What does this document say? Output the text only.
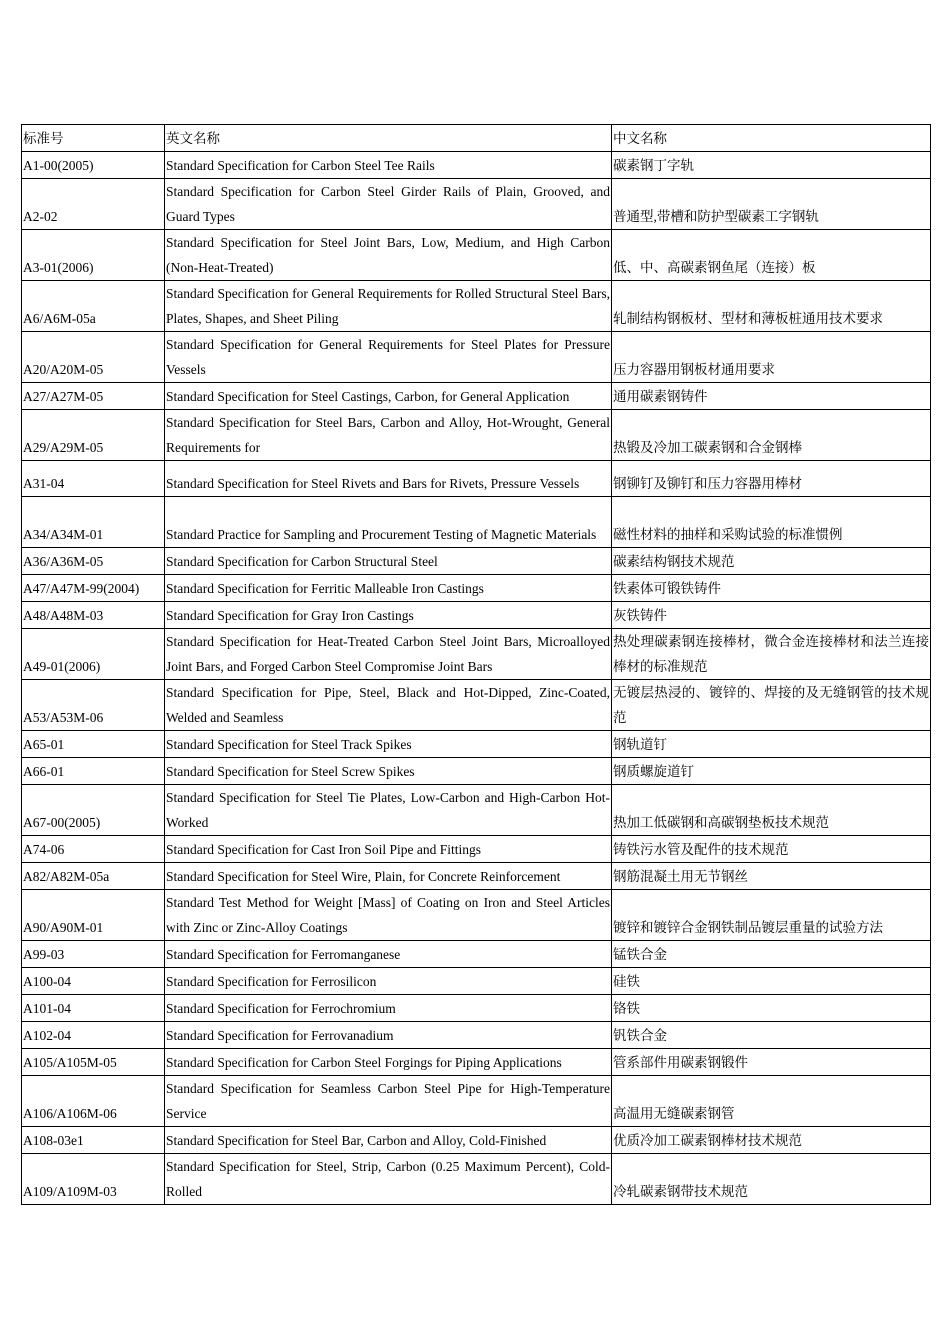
标准号	英文名称	中文名称
A1-00(2005)	Standard Specification for Carbon Steel Tee Rails	碳素钢丁字轨
A2-02	Standard Specification for Carbon Steel Girder Rails of Plain, Grooved, and Guard Types	普通型,带槽和防护型碳素工字钢轨
A3-01(2006)	Standard Specification for Steel Joint Bars, Low, Medium, and High Carbon (Non-Heat-Treated)	低、中、高碳素钢鱼尾（连接）板
A6/A6M-05a	Standard Specification for General Requirements for Rolled Structural Steel Bars, Plates, Shapes, and Sheet Piling	轧制结构钢板材、型材和薄板桩通用技术要求
A20/A20M-05	Standard Specification for General Requirements for Steel Plates for Pressure Vessels	压力容器用钢板材通用要求
A27/A27M-05	Standard Specification for Steel Castings, Carbon, for General Application	通用碳素钢铸件
A29/A29M-05	Standard Specification for Steel Bars, Carbon and Alloy, Hot-Wrought, General Requirements for	热锻及冷加工碳素钢和合金钢棒
A31-04	Standard Specification for Steel Rivets and Bars for Rivets, Pressure Vessels	钢铆钉及铆钉和压力容器用棒材
A34/A34M-01	Standard Practice for Sampling and Procurement Testing of Magnetic Materials	磁性材料的抽样和采购试验的标准惯例
A36/A36M-05	Standard Specification for Carbon Structural Steel	碳素结构钢技术规范
A47/A47M-99(2004)	Standard Specification for Ferritic Malleable Iron Castings	铁素体可锻铁铸件
A48/A48M-03	Standard Specification for Gray Iron Castings	灰铁铸件
A49-01(2006)	Standard Specification for Heat-Treated Carbon Steel Joint Bars, Microalloyed Joint Bars, and Forged Carbon Steel Compromise Joint Bars	热处理碳素钢连接棒材，微合金连接棒材和法兰连接棒材的标准规范
A53/A53M-06	Standard Specification for Pipe, Steel, Black and Hot-Dipped, Zinc-Coated, Welded and Seamless	无镀层热浸的、镀锌的、焊接的及无缝钢管的技术规范
A65-01	Standard Specification for Steel Track Spikes	钢轨道钉
A66-01	Standard Specification for Steel Screw Spikes	钢质螺旋道钉
A67-00(2005)	Standard Specification for Steel Tie Plates, Low-Carbon and High-Carbon Hot-Worked	热加工低碳钢和高碳钢垫板技术规范
A74-06	Standard Specification for Cast Iron Soil Pipe and Fittings	铸铁污水管及配件的技术规范
A82/A82M-05a	Standard Specification for Steel Wire, Plain, for Concrete Reinforcement	钢筋混凝土用无节钢丝
A90/A90M-01	Standard Test Method for Weight [Mass] of Coating on Iron and Steel Articles with Zinc or Zinc-Alloy Coatings	镀锌和镀锌合金钢铁制品镀层重量的试验方法
A99-03	Standard Specification for Ferromanganese	锰铁合金
A100-04	Standard Specification for Ferrosilicon	硅铁
A101-04	Standard Specification for Ferrochromium	铬铁
A102-04	Standard Specification for Ferrovanadium	钒铁合金
A105/A105M-05	Standard Specification for Carbon Steel Forgings for Piping Applications	管系部件用碳素钢锻件
A106/A106M-06	Standard Specification for Seamless Carbon Steel Pipe for High-Temperature Service	高温用无缝碳素钢管
A108-03e1	Standard Specification for Steel Bar, Carbon and Alloy, Cold-Finished	优质冷加工碳素钢棒材技术规范
A109/A109M-03	Standard Specification for Steel, Strip, Carbon (0.25 Maximum Percent), Cold-Rolled	冷轧碳素钢带技术规范
